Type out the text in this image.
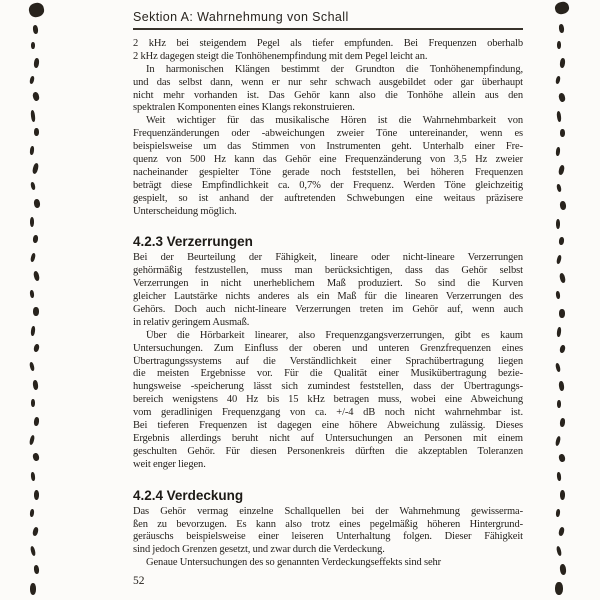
Sektion A: Wahrnehmung von Schall
2 kHz bei steigendem Pegel als tiefer empfunden. Bei Frequenzen oberhalb
2 kHz dagegen steigt die Tonhöhenempfindung mit dem Pegel leicht an.
In harmonischen Klängen bestimmt der Grundton die Tonhöhenempfindung,
und das selbst dann, wenn er nur sehr schwach ausgebildet oder gar überhaupt
nicht mehr vorhanden ist. Das Gehör kann also die Tonhöhe allein aus den
spektralen Komponenten eines Klangs rekonstruieren.
Weit wichtiger für das musikalische Hören ist die Wahrnehmbarkeit von
Frequenzänderungen oder -abweichungen zweier Töne untereinander, wenn es
beispielsweise um das Stimmen von Instrumenten geht. Unterhalb einer Fre-
quenz von 500 Hz kann das Gehör eine Frequenzänderung von 3,5 Hz zweier
nacheinander gespielter Töne gerade noch feststellen, bei höheren Frequenzen
beträgt diese Empfindlichkeit ca. 0,7% der Frequenz. Werden Töne gleichzeitig
gespielt, so ist anhand der auftretenden Schwebungen eine weitaus präzisere
Unterscheidung möglich.
4.2.3 Verzerrungen
Bei der Beurteilung der Fähigkeit, lineare oder nicht-lineare Verzerrungen
gehörmäßig festzustellen, muss man berücksichtigen, dass das Gehör selbst
Verzerrungen in nicht unerheblichem Maß produziert. So sind die Kurven
gleicher Lautstärke nichts anderes als ein Maß für die linearen Verzerrungen des
Gehörs. Doch auch nicht-lineare Verzerrungen treten im Gehör auf, wenn auch
in relativ geringem Ausmaß.
Über die Hörbarkeit linearer, also Frequenzgangsverzerrungen, gibt es kaum
Untersuchungen. Zum Einfluss der oberen und unteren Grenzfrequenzen eines
Übertragungssystems auf die Verständlichkeit einer Sprachübertragung liegen
die meisten Ergebnisse vor. Für die Qualität einer Musikübertragung bezie-
hungsweise -speicherung lässt sich zumindest feststellen, dass der Übertragungs-
bereich wenigstens 40 Hz bis 15 kHz betragen muss, wobei eine Abweichung
vom geradlinigen Frequenzgang von ca. +/-4 dB noch nicht wahrnehmbar ist.
Bei tieferen Frequenzen ist dagegen eine höhere Abweichung zulässig. Dieses
Ergebnis allerdings beruht nicht auf Untersuchungen an Personen mit einem
geschulten Gehör. Für diesen Personenkreis dürften die akzeptablen Toleranzen
weit enger liegen.
4.2.4 Verdeckung
Das Gehör vermag einzelne Schallquellen bei der Wahrnehmung gewisserma-
ßen zu bevorzugen. Es kann also trotz eines pegelmäßig höheren Hintergrund-
geräuschs beispielsweise einer leiseren Unterhaltung folgen. Dieser Fähigkeit
sind jedoch Grenzen gesetzt, und zwar durch die Verdeckung.
Genaue Untersuchungen des so genannten Verdeckungseffekts sind sehr
52
